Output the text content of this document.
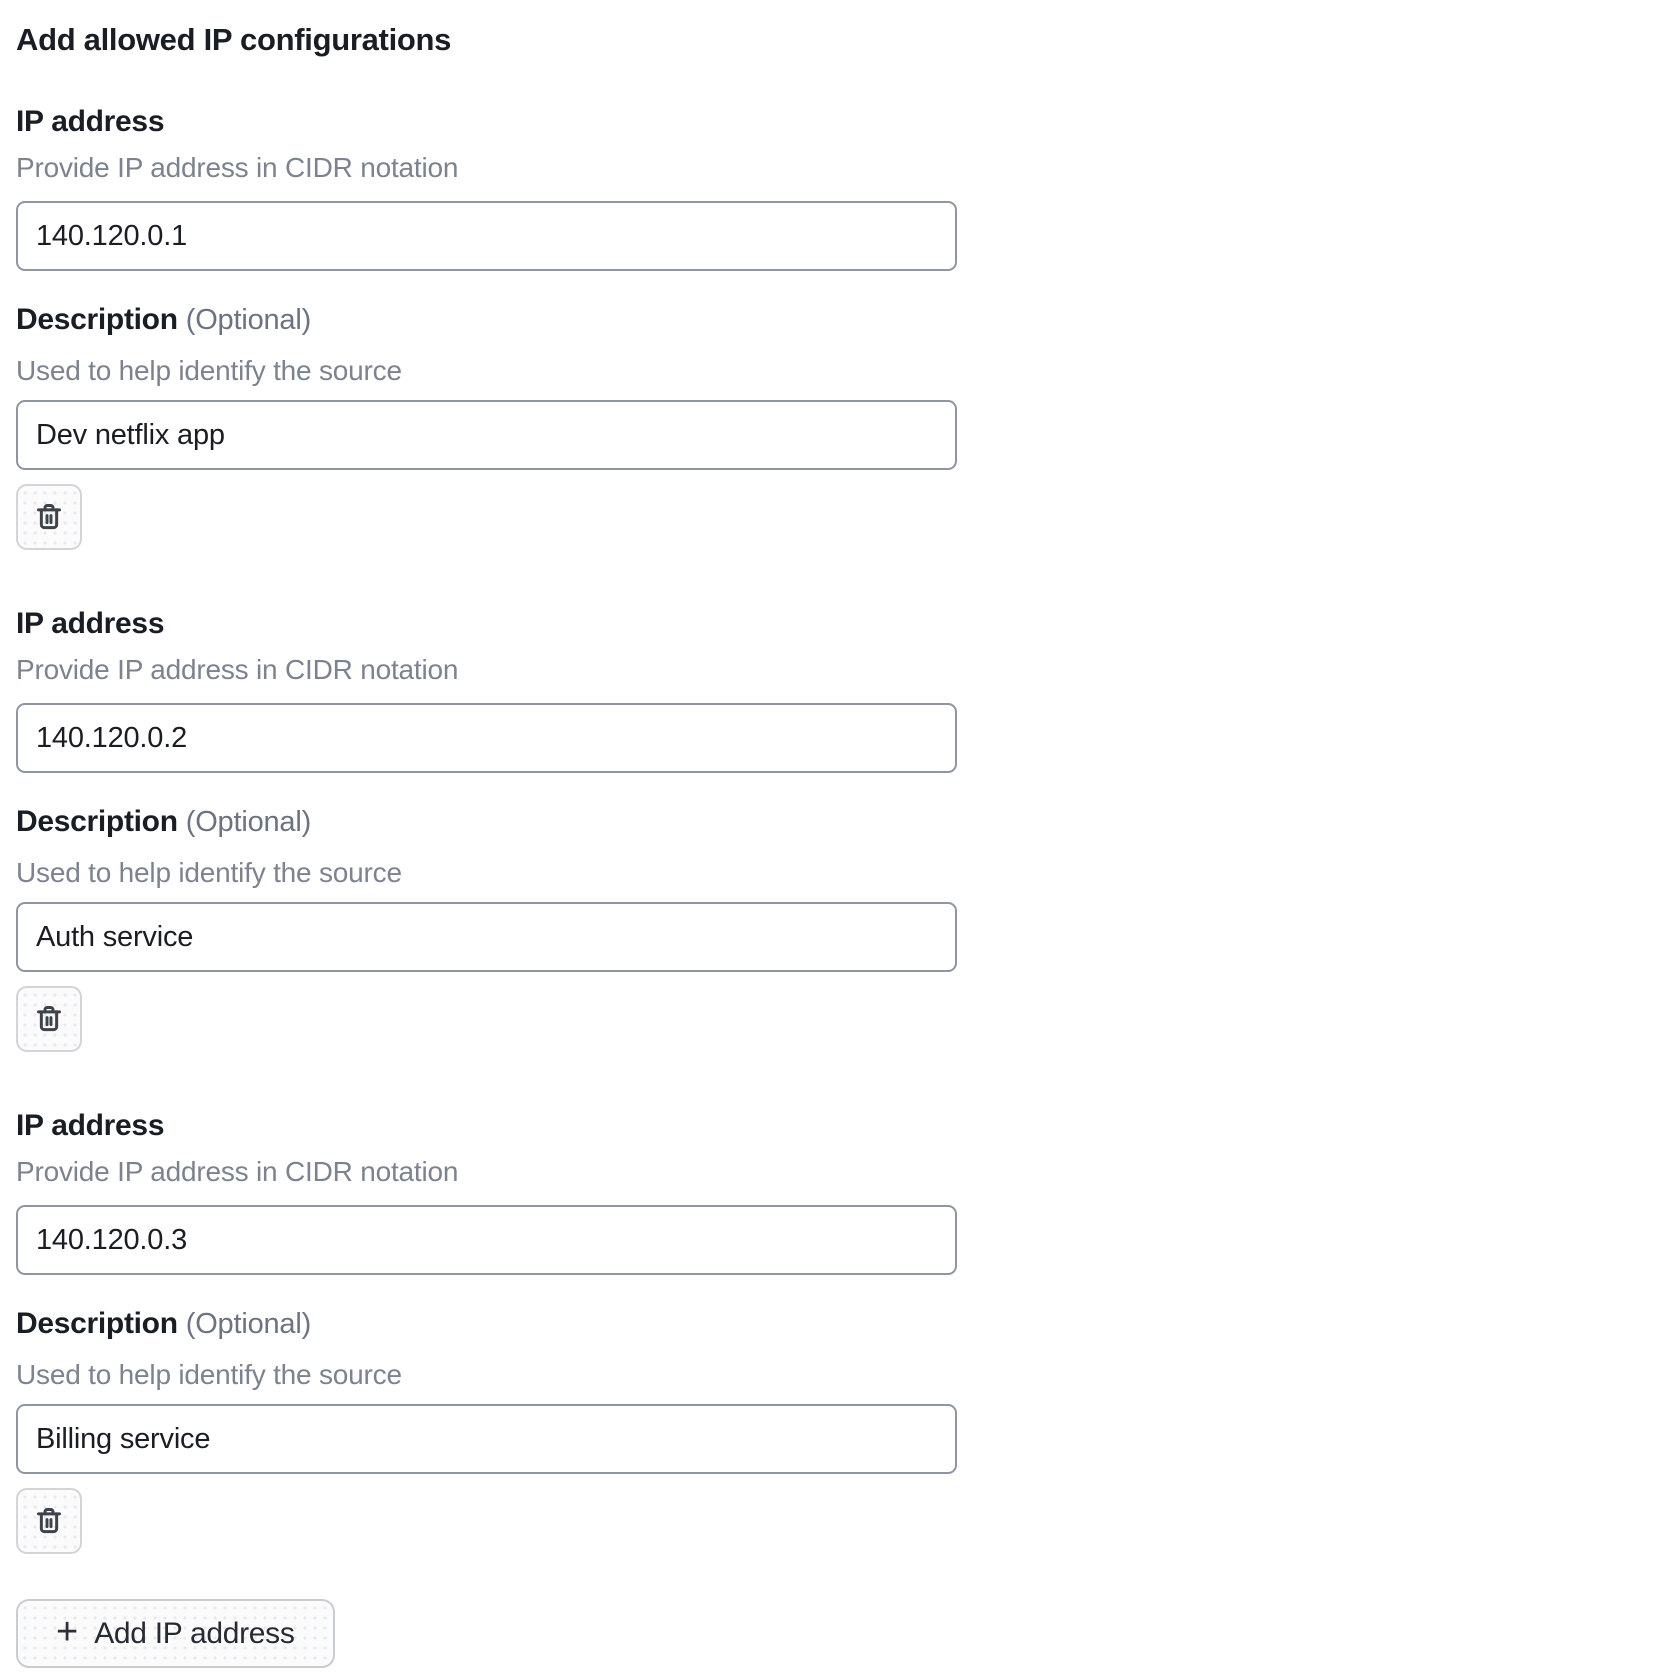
Add allowed IP configurations
IP address
Provide IP address in CIDR notation
140.120.0.1
Description (Optional)
Used to help identify the source
Dev netflix app
IP address
Provide IP address in CIDR notation
140.120.0.2
Description (Optional)
Used to help identify the source
Auth service
IP address
Provide IP address in CIDR notation
140.120.0.3
Description (Optional)
Used to help identify the source
Billing service
+ Add IP address
